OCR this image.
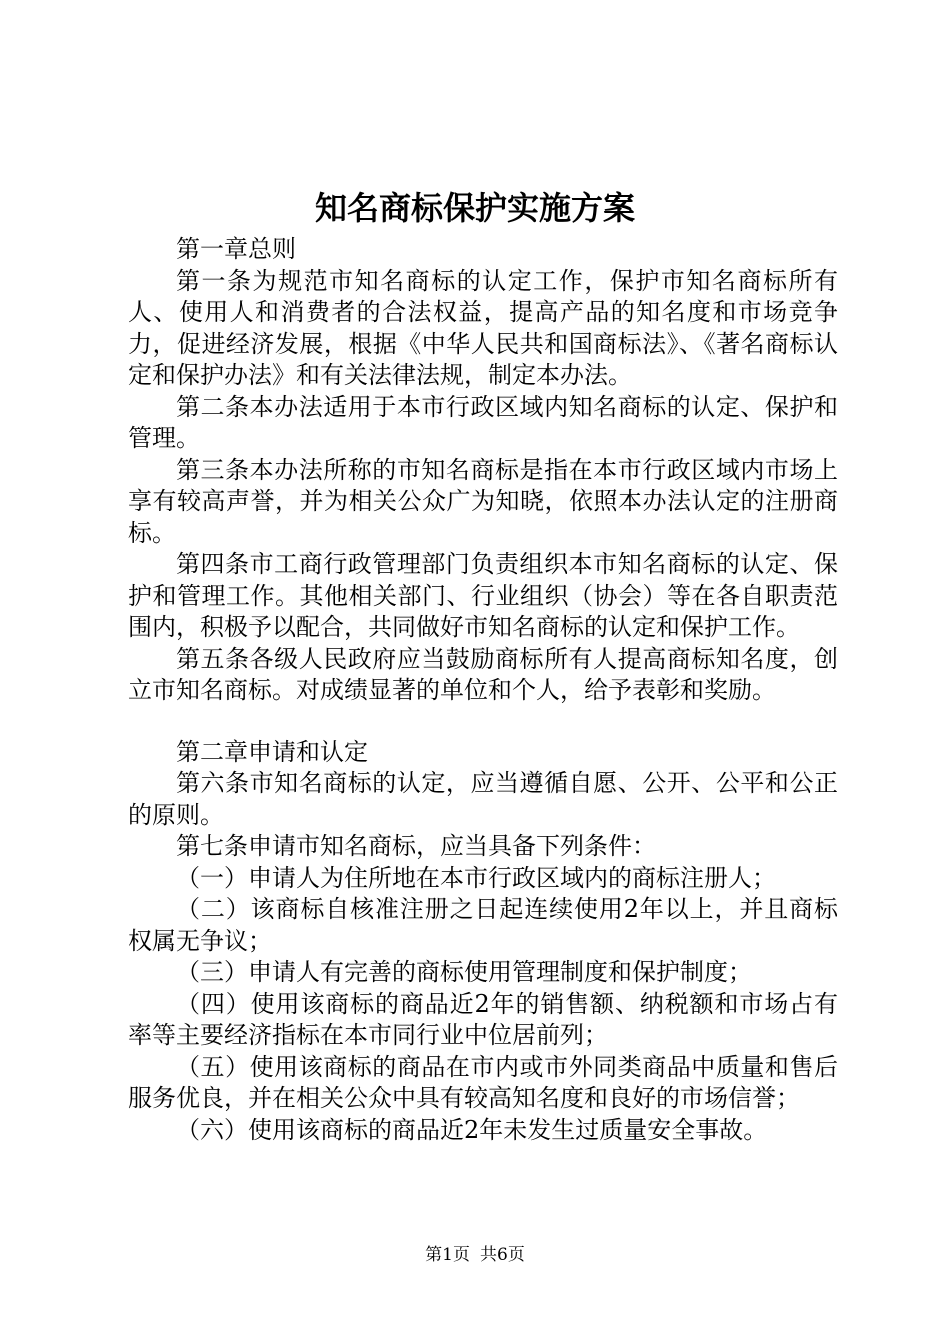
知名商标保护实施方案

第一章总则

第一条为规范市知名商标的认定工作，保护市知名商标所有人、使用人和消费者的合法权益，提高产品的知名度和市场竞争力，促进经济发展，根据《中华人民共和国商标法》、《著名商标认定和保护办法》和有关法律法规，制定本办法。

第二条本办法适用于本市行政区域内知名商标的认定、保护和管理。

第三条本办法所称的市知名商标是指在本市行政区域内市场上享有较高声誉，并为相关公众广为知晓，依照本办法认定的注册商标。

第四条市工商行政管理部门负责组织本市知名商标的认定、保护和管理工作。其他相关部门、行业组织（协会）等在各自职责范围内，积极予以配合，共同做好市知名商标的认定和保护工作。

第五条各级人民政府应当鼓励商标所有人提高商标知名度，创立市知名商标。对成绩显著的单位和个人，给予表彰和奖励。

第二章申请和认定

第六条市知名商标的认定，应当遵循自愿、公开、公平和公正的原则。

第七条申请市知名商标，应当具备下列条件：

（一）申请人为住所地在本市行政区域内的商标注册人；

（二）该商标自核准注册之日起连续使用2年以上，并且商标权属无争议；

（三）申请人有完善的商标使用管理制度和保护制度；

（四）使用该商标的商品近2年的销售额、纳税额和市场占有率等主要经济指标在本市同行业中位居前列；

（五）使用该商标的商品在市内或市外同类商品中质量和售后服务优良，并在相关公众中具有较高知名度和良好的市场信誉；

（六）使用该商标的商品近2年未发生过质量安全事故。

第1页 共6页
